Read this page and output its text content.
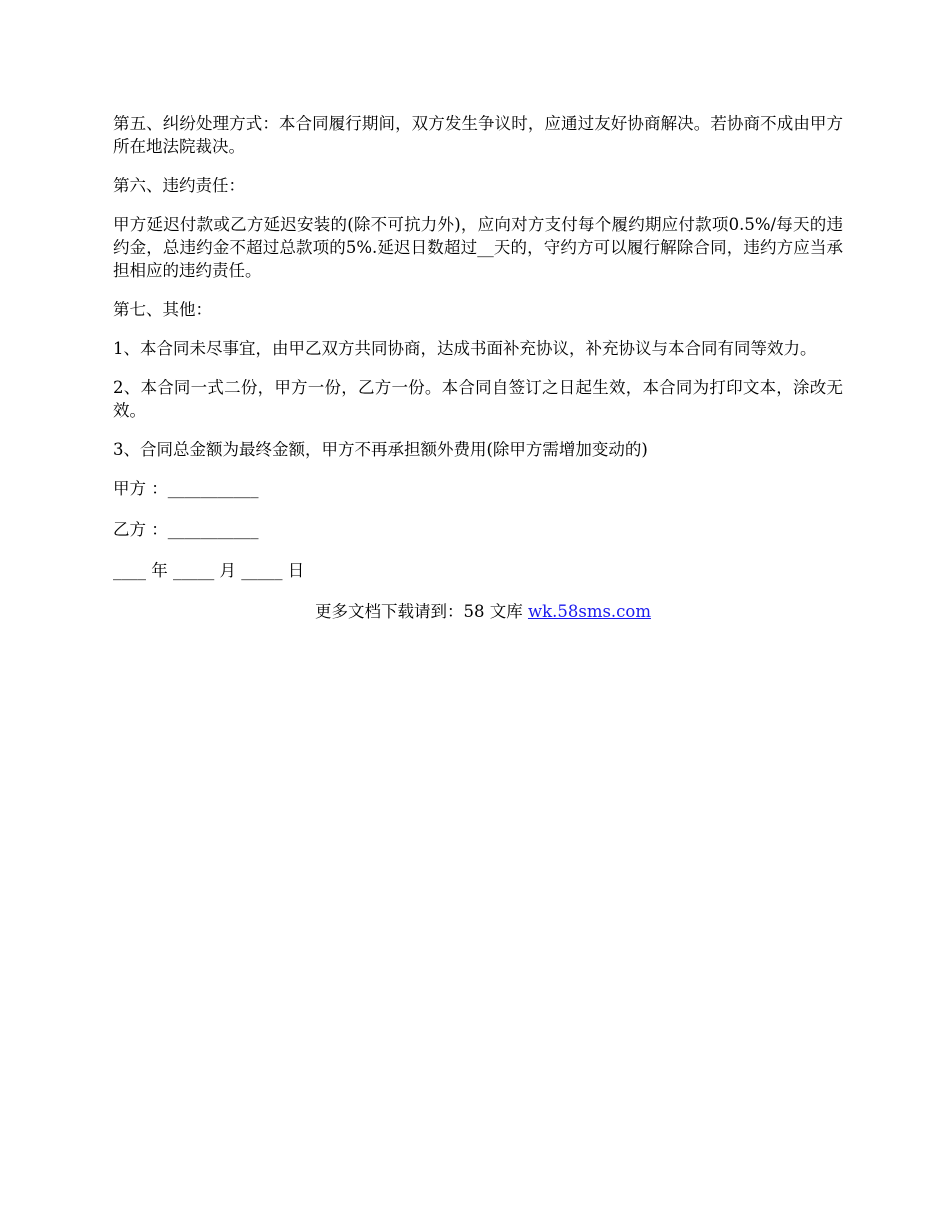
第五、纠纷处理方式：本合同履行期间，双方发生争议时，应通过友好协商解决。若协商不成由甲方所在地法院裁决。

第六、违约责任：

甲方延迟付款或乙方延迟安装的(除不可抗力外)，应向对方支付每个履约期应付款项0.5%/每天的违约金，总违约金不超过总款项的5%.延迟日数超过__天的，守约方可以履行解除合同，违约方应当承担相应的违约责任。

第七、其他：

1、本合同未尽事宜，由甲乙双方共同协商，达成书面补充协议，补充协议与本合同有同等效力。

2、本合同一式二份，甲方一份，乙方一份。本合同自签订之日起生效，本合同为打印文本，涂改无效。

3、合同总金额为最终金额，甲方不再承担额外费用(除甲方需增加变动的)

甲方 ：___________

乙方 ：___________

____ 年 _____ 月 _____ 日

更多文档下载请到：58 文库 wk.58sms.com
